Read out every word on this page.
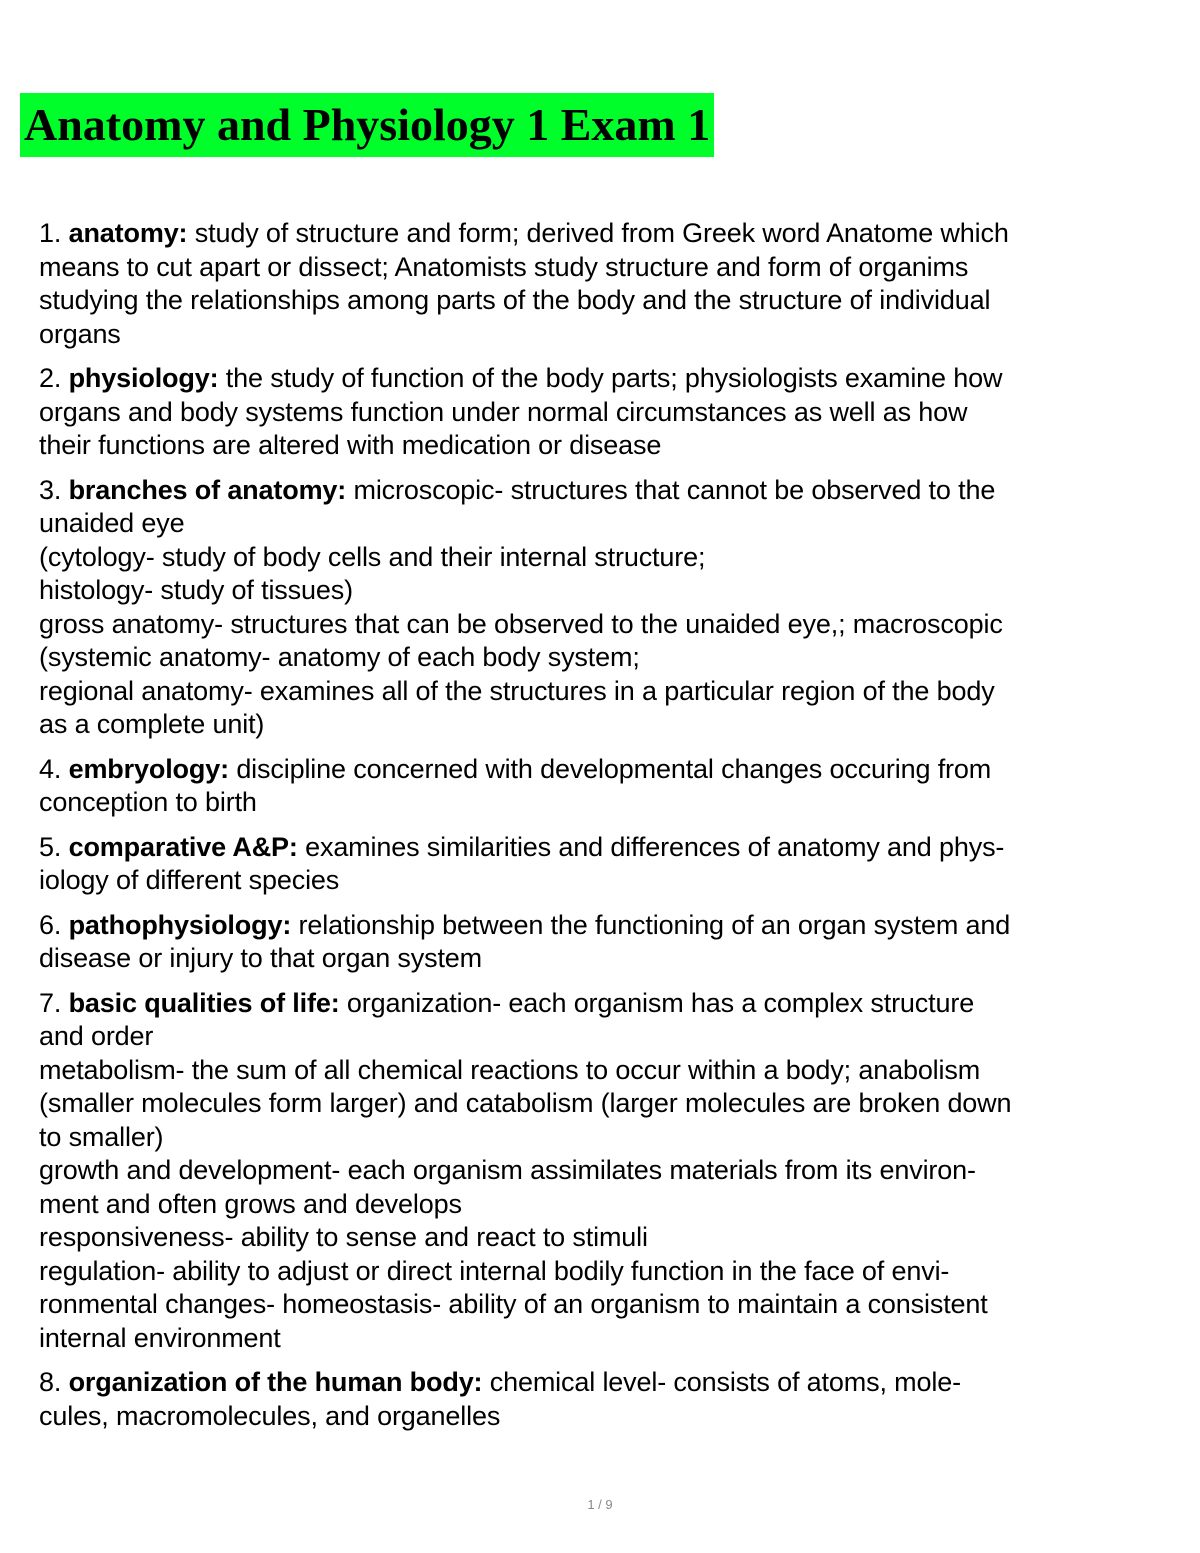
Anatomy and Physiology 1 Exam 1
1. anatomy: study of structure and form; derived from Greek word Anatome which
means to cut apart or dissect; Anatomists study structure and form of organims
studying the relationships among parts of the body and the structure of individual
organs
2. physiology: the study of function of the body parts; physiologists examine how
organs and body systems function under normal circumstances as well as how
their functions are altered with medication or disease
3. branches of anatomy: microscopic- structures that cannot be observed to the
unaided eye
(cytology- study of body cells and their internal structure;
histology- study of tissues)
gross anatomy- structures that can be observed to the unaided eye,; macroscopic
(systemic anatomy- anatomy of each body system;
regional anatomy- examines all of the structures in a particular region of the body
as a complete unit)
4. embryology: discipline concerned with developmental changes occuring from
conception to birth
5. comparative A&P: examines similarities and differences of anatomy and phys-
iology of different species
6. pathophysiology: relationship between the functioning of an organ system and
disease or injury to that organ system
7. basic qualities of life: organization- each organism has a complex structure
and order
metabolism- the sum of all chemical reactions to occur within a body; anabolism
(smaller molecules form larger) and catabolism (larger molecules are broken down
to smaller)
growth and development- each organism assimilates materials from its environ-
ment and often grows and develops
responsiveness- ability to sense and react to stimuli
regulation- ability to adjust or direct internal bodily function in the face of envi-
ronmental changes- homeostasis- ability of an organism to maintain a consistent
internal environment
8. organization of the human body: chemical level- consists of atoms, mole-
cules, macromolecules, and organelles
1 / 9
